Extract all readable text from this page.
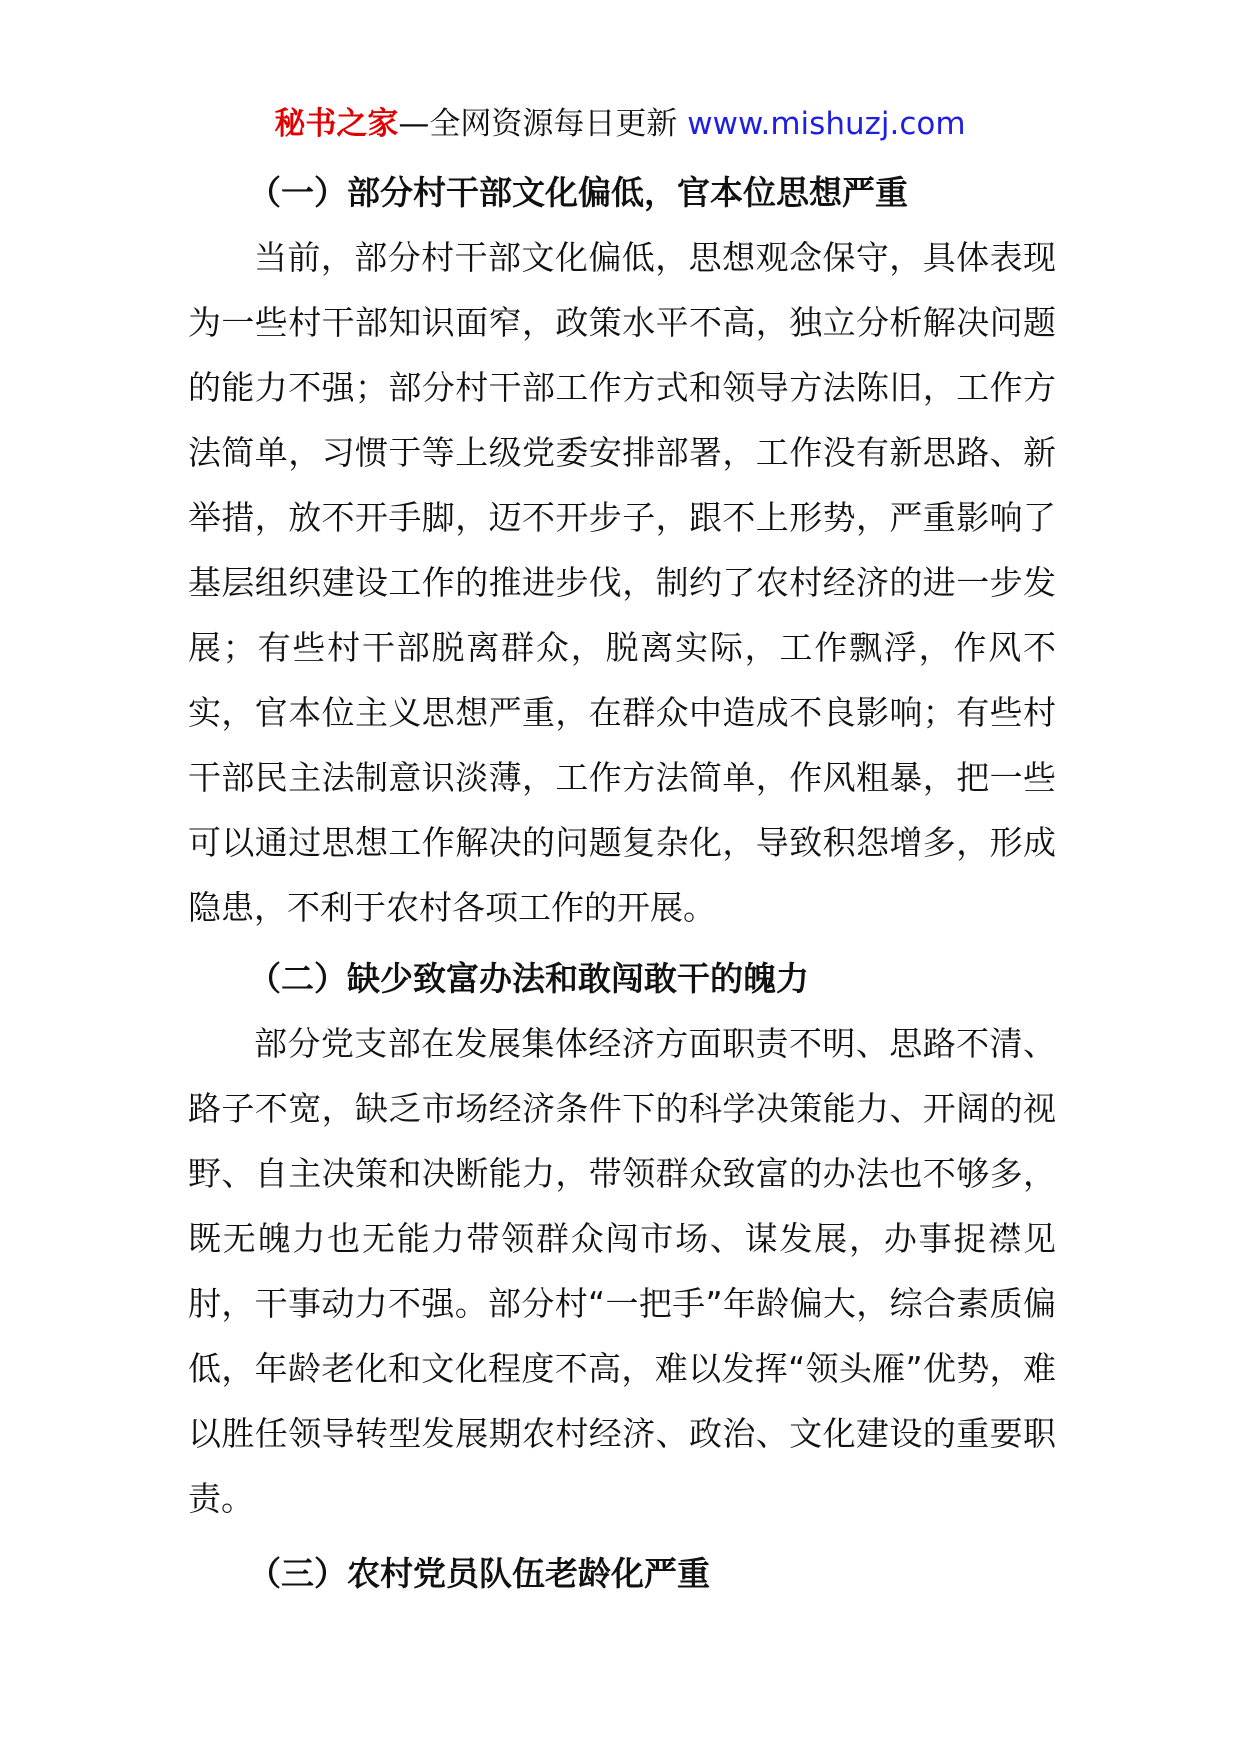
秘书之家—全网资源每日更新 www.mishuzj.com
（一）部分村干部文化偏低，官本位思想严重

当前，部分村干部文化偏低，思想观念保守，具体表现为一些村干部知识面窄，政策水平不高，独立分析解决问题的能力不强；部分村干部工作方式和领导方法陈旧，工作方法简单，习惯于等上级党委安排部署，工作没有新思路、新举措，放不开手脚，迈不开步子，跟不上形势，严重影响了基层组织建设工作的推进步伐，制约了农村经济的进一步发展；有些村干部脱离群众，脱离实际，工作飘浮，作风不实，官本位主义思想严重，在群众中造成不良影响；有些村干部民主法制意识淡薄，工作方法简单，作风粗暴，把一些可以通过思想工作解决的问题复杂化，导致积怨增多，形成隐患，不利于农村各项工作的开展。

（二）缺少致富办法和敢闯敢干的魄力

部分党支部在发展集体经济方面职责不明、思路不清、路子不宽，缺乏市场经济条件下的科学决策能力、开阔的视野、自主决策和决断能力，带领群众致富的办法也不够多，既无魄力也无能力带领群众闯市场、谋发展，办事捉襟见肘，干事动力不强。部分村“一把手”年龄偏大，综合素质偏低，年龄老化和文化程度不高，难以发挥“领头雁”优势，难以胜任领导转型发展期农村经济、政治、文化建设的重要职责。

（三）农村党员队伍老龄化严重
